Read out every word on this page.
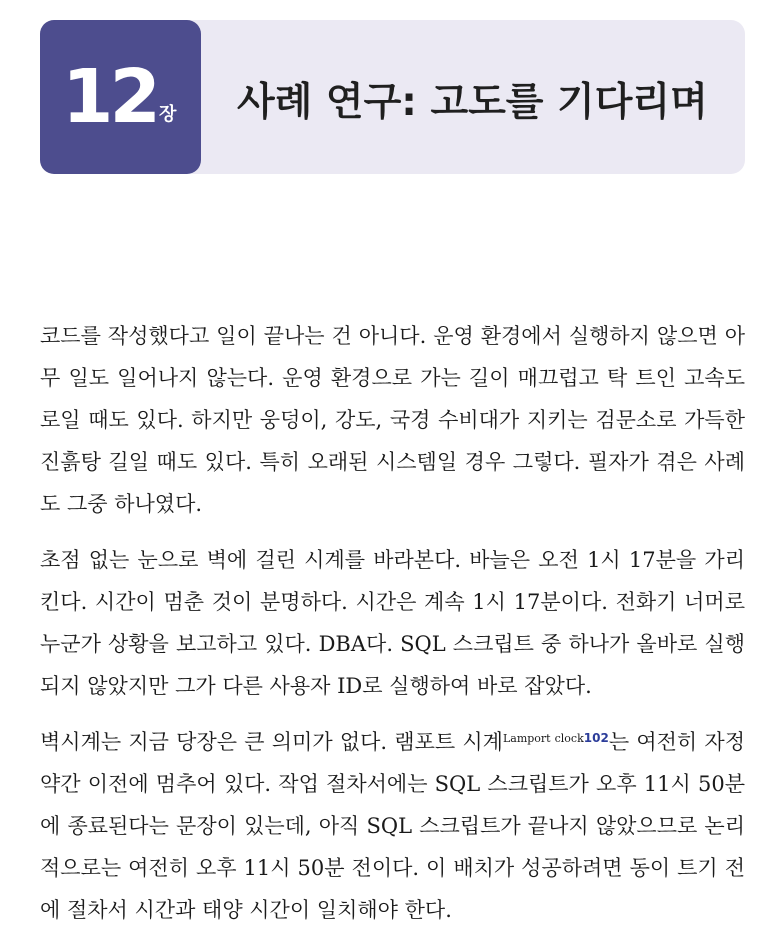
12 장 사례 연구: 고도를 기다리며

코드를 작성했다고 일이 끝나는 건 아니다. 운영 환경에서 실행하지 않으면 아무 일도 일어나지 않는다. 운영 환경으로 가는 길이 매끄럽고 탁 트인 고속도로일 때도 있다. 하지만 웅덩이, 강도, 국경 수비대가 지키는 검문소로 가득한 진흙탕 길일 때도 있다. 특히 오래된 시스템일 경우 그렇다. 필자가 겪은 사례도 그중 하나였다.

초점 없는 눈으로 벽에 걸린 시계를 바라본다. 바늘은 오전 1시 17분을 가리킨다. 시간이 멈춘 것이 분명하다. 시간은 계속 1시 17분이다. 전화기 너머로 누군가 상황을 보고하고 있다. DBA다. SQL 스크립트 중 하나가 올바로 실행되지 않았지만 그가 다른 사용자 ID로 실행하여 바로 잡았다.

벽시계는 지금 당장은 큰 의미가 없다. 램포트 시계$^{Lamport clock102}$는 여전히 자정 약간 이전에 멈추어 있다. 작업 절차서에는 SQL 스크립트가 오후 11시 50분에 종료된다는 문장이 있는데, 아직 SQL 스크립트가 끝나지 않았으므로 논리적으로는 여전히 오후 11시 50분 전이다. 이 배치가 성공하려면 동이 트기 전에 절차서 시간과 태양 시간이 일치해야 한다.
